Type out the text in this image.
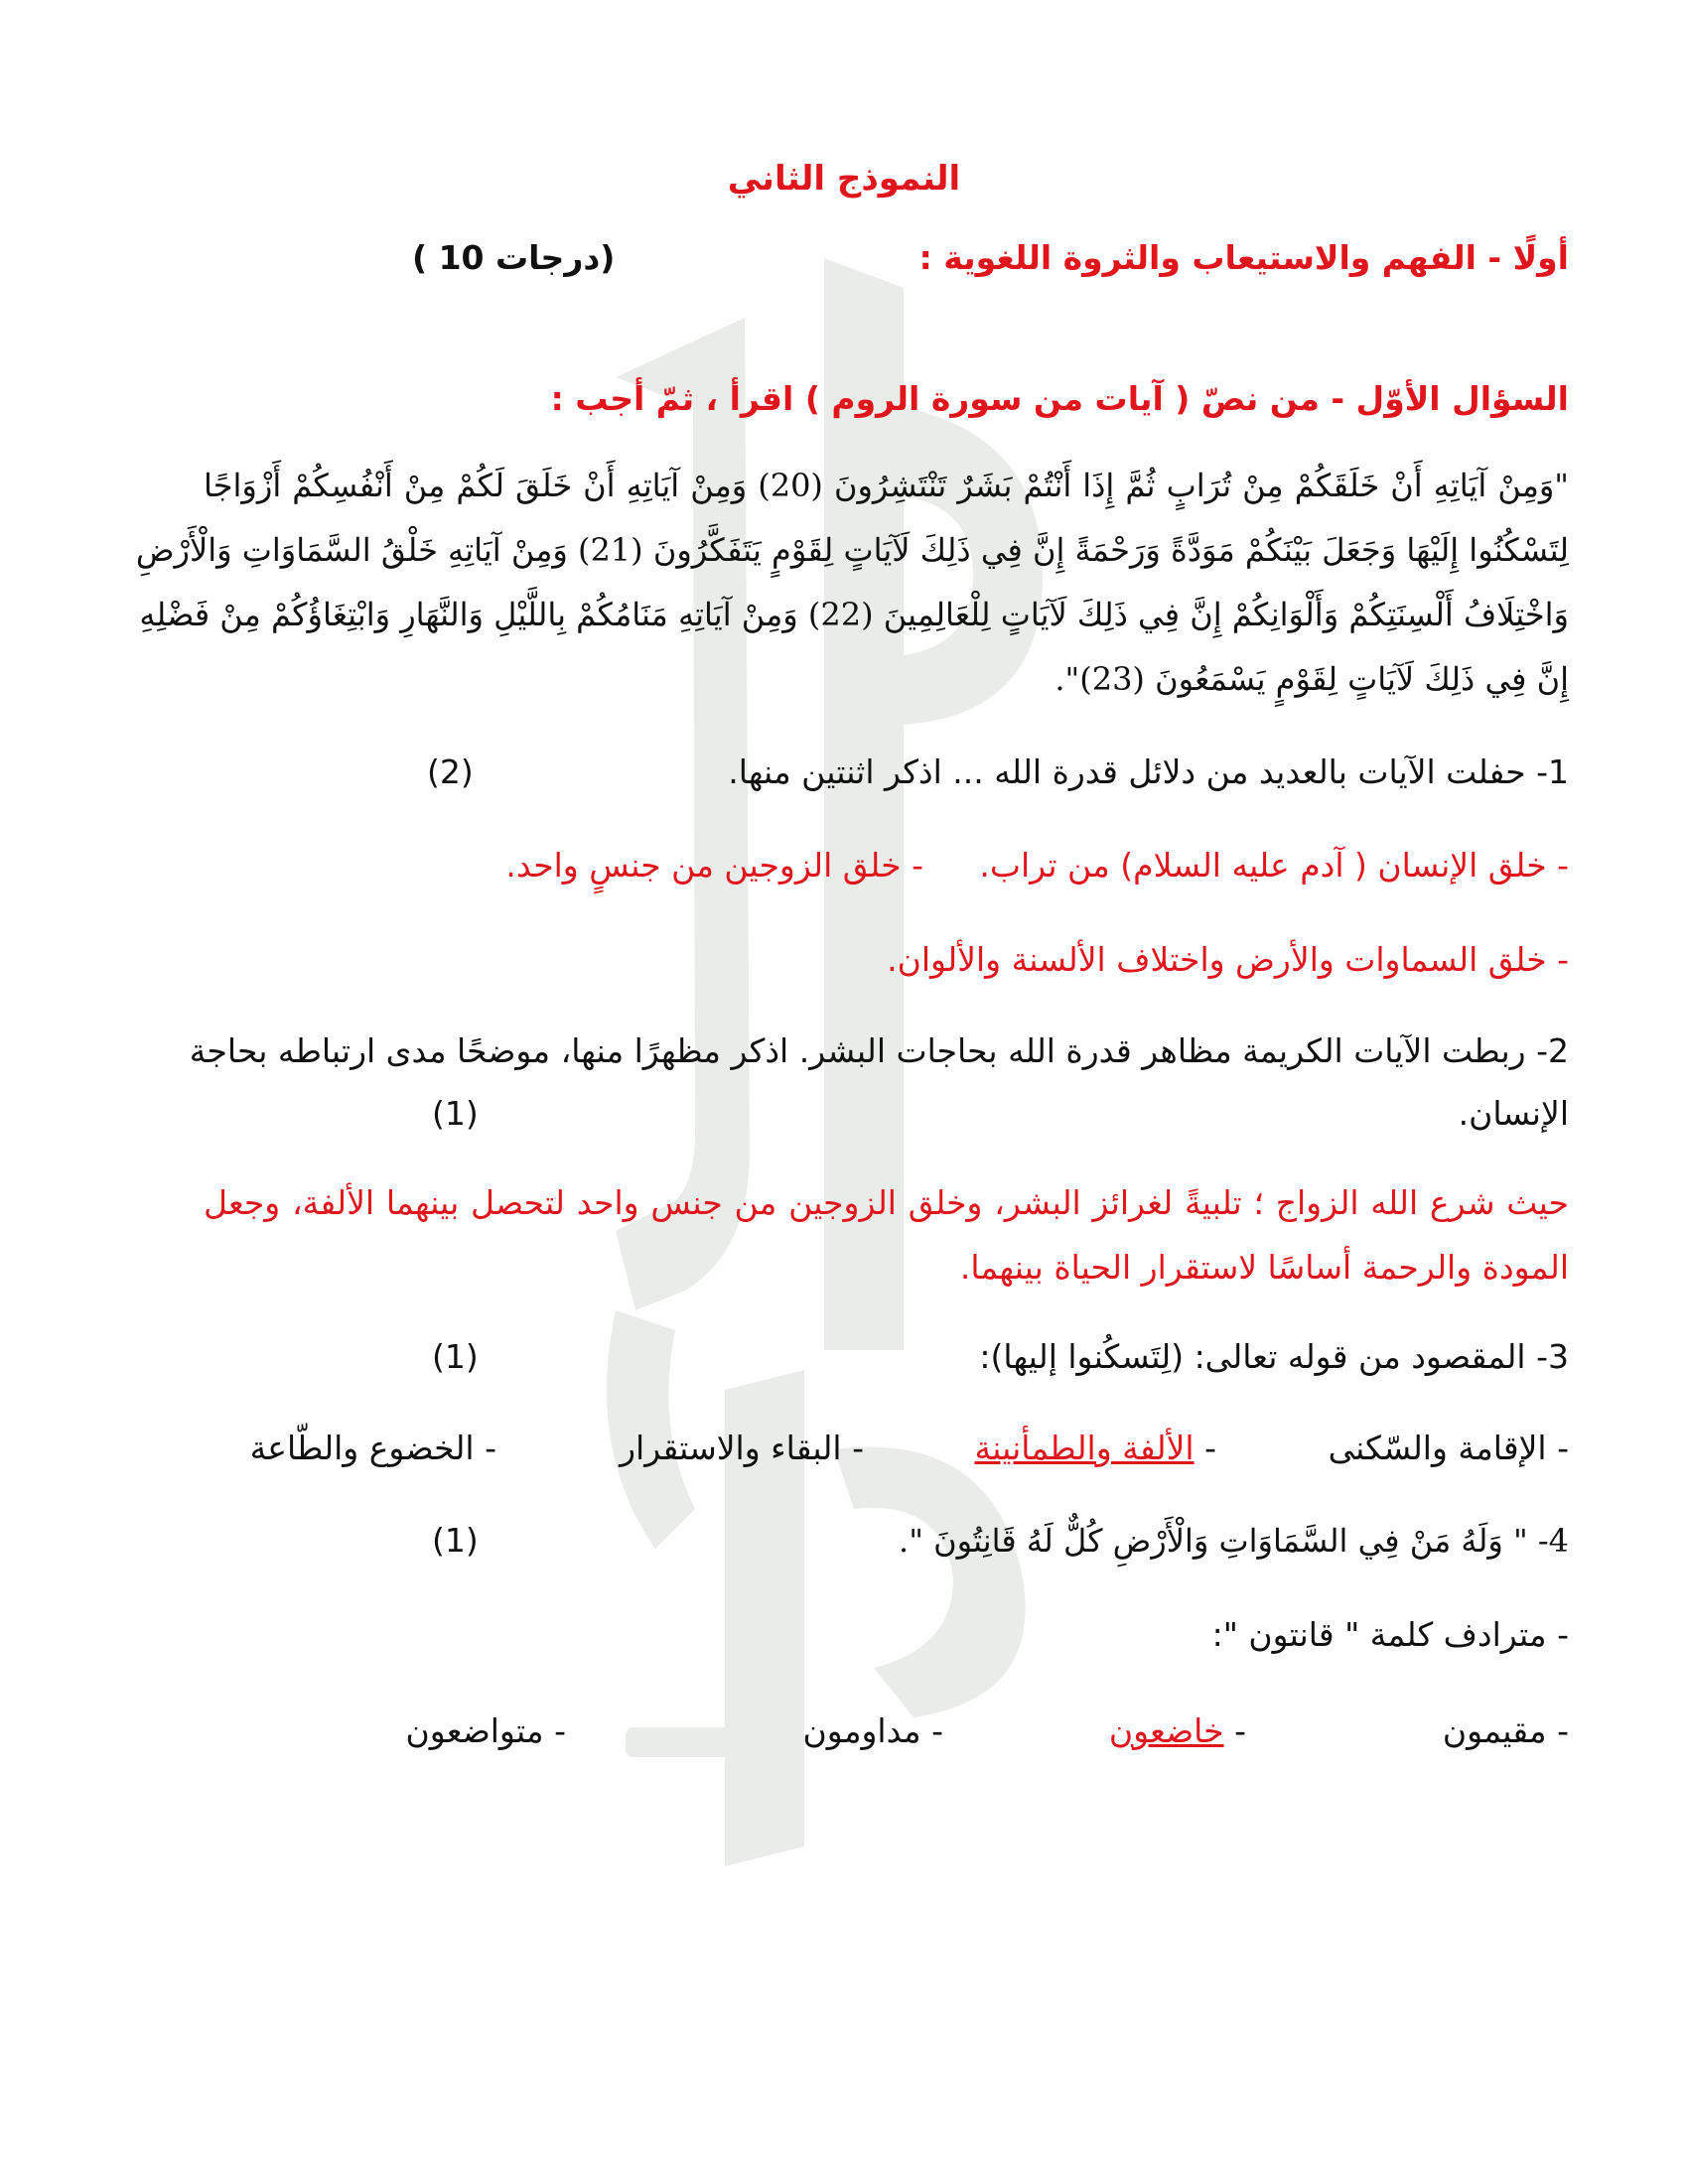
النموذج الثاني
أولًا - الفهم والاستيعاب والثروة اللغوية :
( 10 درجات)
السؤال الأوّل - من نصّ ( آيات من سورة الروم ) اقرأ ، ثمّ أجب :
"وَمِنْ آيَاتِهِ أَنْ خَلَقَكُمْ مِنْ تُرَابٍ ثُمَّ إِذَا أَنْتُمْ بَشَرٌ تَنْتَشِرُونَ (20) وَمِنْ آيَاتِهِ أَنْ خَلَقَ لَكُمْ مِنْ أَنْفُسِكُمْ أَزْوَاجًا
لِتَسْكُنُوا إِلَيْهَا وَجَعَلَ بَيْنَكُمْ مَوَدَّةً وَرَحْمَةً إِنَّ فِي ذَلِكَ لَآيَاتٍ لِقَوْمٍ يَتَفَكَّرُونَ (21) وَمِنْ آيَاتِهِ خَلْقُ السَّمَاوَاتِ وَالْأَرْضِ
وَاخْتِلَافُ أَلْسِنَتِكُمْ وَأَلْوَانِكُمْ إِنَّ فِي ذَلِكَ لَآيَاتٍ لِلْعَالِمِينَ (22) وَمِنْ آيَاتِهِ مَنَامُكُمْ بِاللَّيْلِ وَالنَّهَارِ وَابْتِغَاؤُكُمْ مِنْ فَضْلِهِ
إِنَّ فِي ذَلِكَ لَآيَاتٍ لِقَوْمٍ يَسْمَعُونَ (23)".
1- حفلت الآيات بالعديد من دلائل قدرة الله ... اذكر اثنتين منها.
(2)
- خلق الإنسان ( آدم عليه السلام) من تراب.
- خلق الزوجين من جنسٍ واحد.
- خلق السماوات والأرض واختلاف الألسنة والألوان.
2- ربطت الآيات الكريمة مظاهر قدرة الله بحاجات البشر. اذكر مظهرًا منها، موضحًا مدى ارتباطه بحاجة
الإنسان.
(1)
حيث شرع الله الزواج ؛ تلبيةً لغرائز البشر، وخلق الزوجين من جنس واحد لتحصل بينهما الألفة، وجعل
المودة والرحمة أساسًا لاستقرار الحياة بينهما.
3- المقصود من قوله تعالى: (لِتَسكُنوا إليها):
(1)
- الإقامة والسّكنى
- الألفة والطمأنينة
- البقاء والاستقرار
- الخضوع والطّاعة
4- " وَلَهُ مَنْ فِي السَّمَاوَاتِ وَالْأَرْضِ كُلٌّ لَهُ قَانِتُونَ ".
(1)
- مترادف كلمة " قانتون ":
- مقيمون
- خاضعون
- مداومون
- متواضعون
